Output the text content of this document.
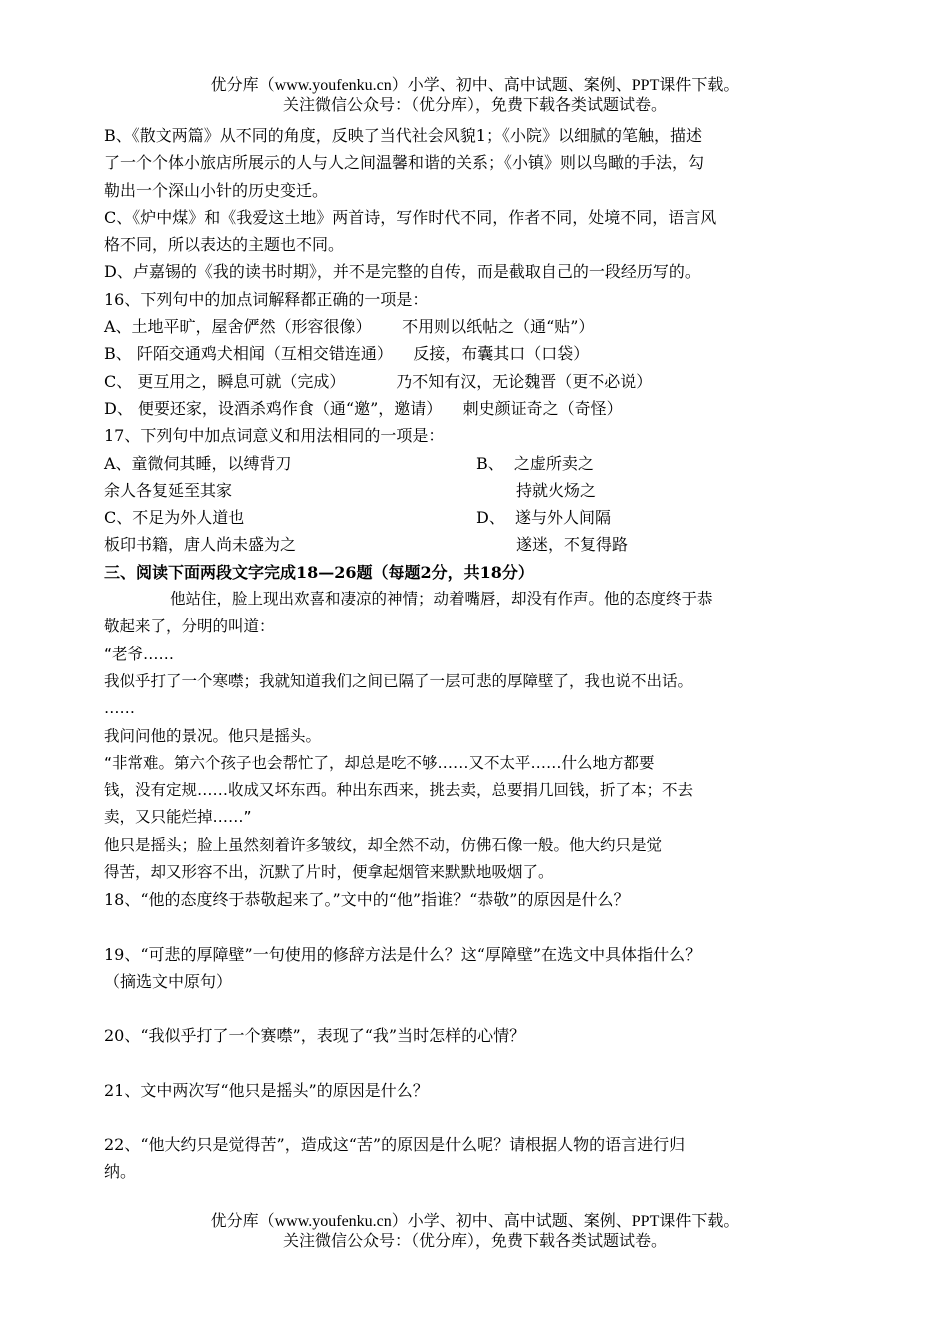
优分库（www.youfenku.cn）小学、初中、高中试题、案例、PPT课件下载。
关注微信公众号：（优分库），免费下载各类试题试卷。

B、《散文两篇》从不同的角度，反映了当代社会风貌1；《小院》以细腻的笔触，描述

了一个个体小旅店所展示的人与人之间温馨和谐的关系；《小镇》则以鸟瞰的手法，勾

勒出一个深山小针的历史变迁。

C、《炉中煤》和《我爱这土地》两首诗，写作时代不同，作者不同，处境不同，语言风

格不同，所以表达的主题也不同。

D、卢嘉锡的《我的读书时期》，并不是完整的自传，而是截取自己的一段经历写的。

16、下列句中的加点词解释都正确的一项是：

A、土地平旷，屋舍俨然（形容很像）      不用则以纸帖之（通“贴”）

B、 阡陌交通鸡犬相闻（互相交错连通）    反接，布囊其口（口袋）

C、 更互用之，瞬息可就（完成）          乃不知有汉，无论魏晋（更不必说）

D、 便要还家，设酒杀鸡作食（通“邀”，邀请）    刺史颜证奇之（奇怪）

17、下列句中加点词意义和用法相同的一项是：

A、童微伺其睡，以缚背刀

余人各复延至其家

B、  之虚所卖之

持就火炀之

C、不足为外人道也

板印书籍，唐人尚未盛为之

D、  遂与外人间隔

遂迷，不复得路

三、阅读下面两段文字完成18—26题（每题2分，共18分）

他站住，脸上现出欢喜和凄凉的神情；动着嘴唇，却没有作声。他的态度终于恭

敬起来了，分明的叫道：

“老爷……

我似乎打了一个寒噤；我就知道我们之间已隔了一层可悲的厚障壁了，我也说不出话。

……

我问问他的景况。他只是摇头。

“非常难。第六个孩子也会帮忙了，却总是吃不够……又不太平……什么地方都要

钱，没有定规……收成又坏东西。种出东西来，挑去卖，总要捐几回钱，折了本；不去

卖，又只能烂掉……”

他只是摇头；脸上虽然刻着许多皱纹，却全然不动，仿佛石像一般。他大约只是觉

得苦，却又形容不出，沉默了片时，便拿起烟管来默默地吸烟了。

18、“他的态度终于恭敬起来了。”文中的“他”指谁？“恭敬”的原因是什么？

19、“可悲的厚障壁”一句使用的修辞方法是什么？这“厚障壁”在选文中具体指什么？

（摘选文中原句）

20、“我似乎打了一个赛噤”，表现了“我”当时怎样的心情？

21、文中两次写“他只是摇头”的原因是什么？

22、“他大约只是觉得苦”，造成这“苦”的原因是什么呢？请根据人物的语言进行归

纳。

优分库（www.youfenku.cn）小学、初中、高中试题、案例、PPT课件下载。
关注微信公众号：（优分库），免费下载各类试题试卷。
